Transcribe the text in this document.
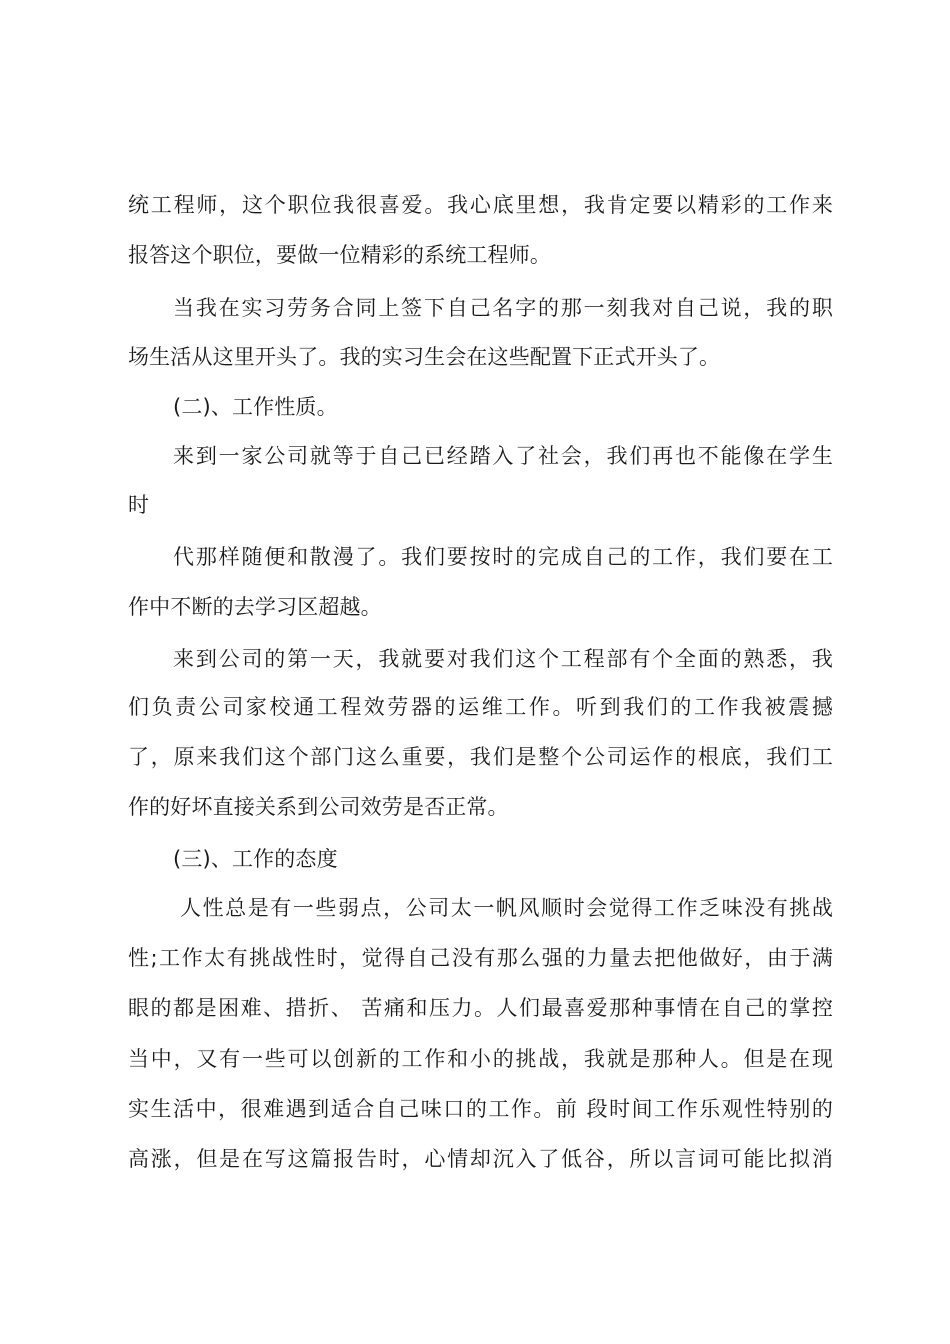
统工程师，这个职位我很喜爱。我心底里想，我肯定要以精彩的工作来
报答这个职位，要做一位精彩的系统工程师。
当我在实习劳务合同上签下自己名字的那一刻我对自己说，我的职
场生活从这里开头了。我的实习生会在这些配置下正式开头了。
(二)、工作性质。
来到一家公司就等于自己已经踏入了社会，我们再也不能像在学生
时
代那样随便和散漫了。我们要按时的完成自己的工作，我们要在工
作中不断的去学习区超越。
来到公司的第一天，我就要对我们这个工程部有个全面的熟悉，我
们负责公司家校通工程效劳器的运维工作。听到我们的工作我被震撼
了，原来我们这个部门这么重要，我们是整个公司运作的根底，我们工
作的好坏直接关系到公司效劳是否正常。
(三)、工作的态度
人性总是有一些弱点，公司太一帆风顺时会觉得工作乏味没有挑战
性;工作太有挑战性时，觉得自己没有那么强的力量去把他做好，由于满
眼的都是困难、措折、 苦痛和压力。人们最喜爱那种事情在自己的掌控
当中，又有一些可以创新的工作和小的挑战，我就是那种人。但是在现
实生活中，很难遇到适合自己味口的工作。前 段时间工作乐观性特别的
高涨，但是在写这篇报告时，心情却沉入了低谷，所以言词可能比拟消
